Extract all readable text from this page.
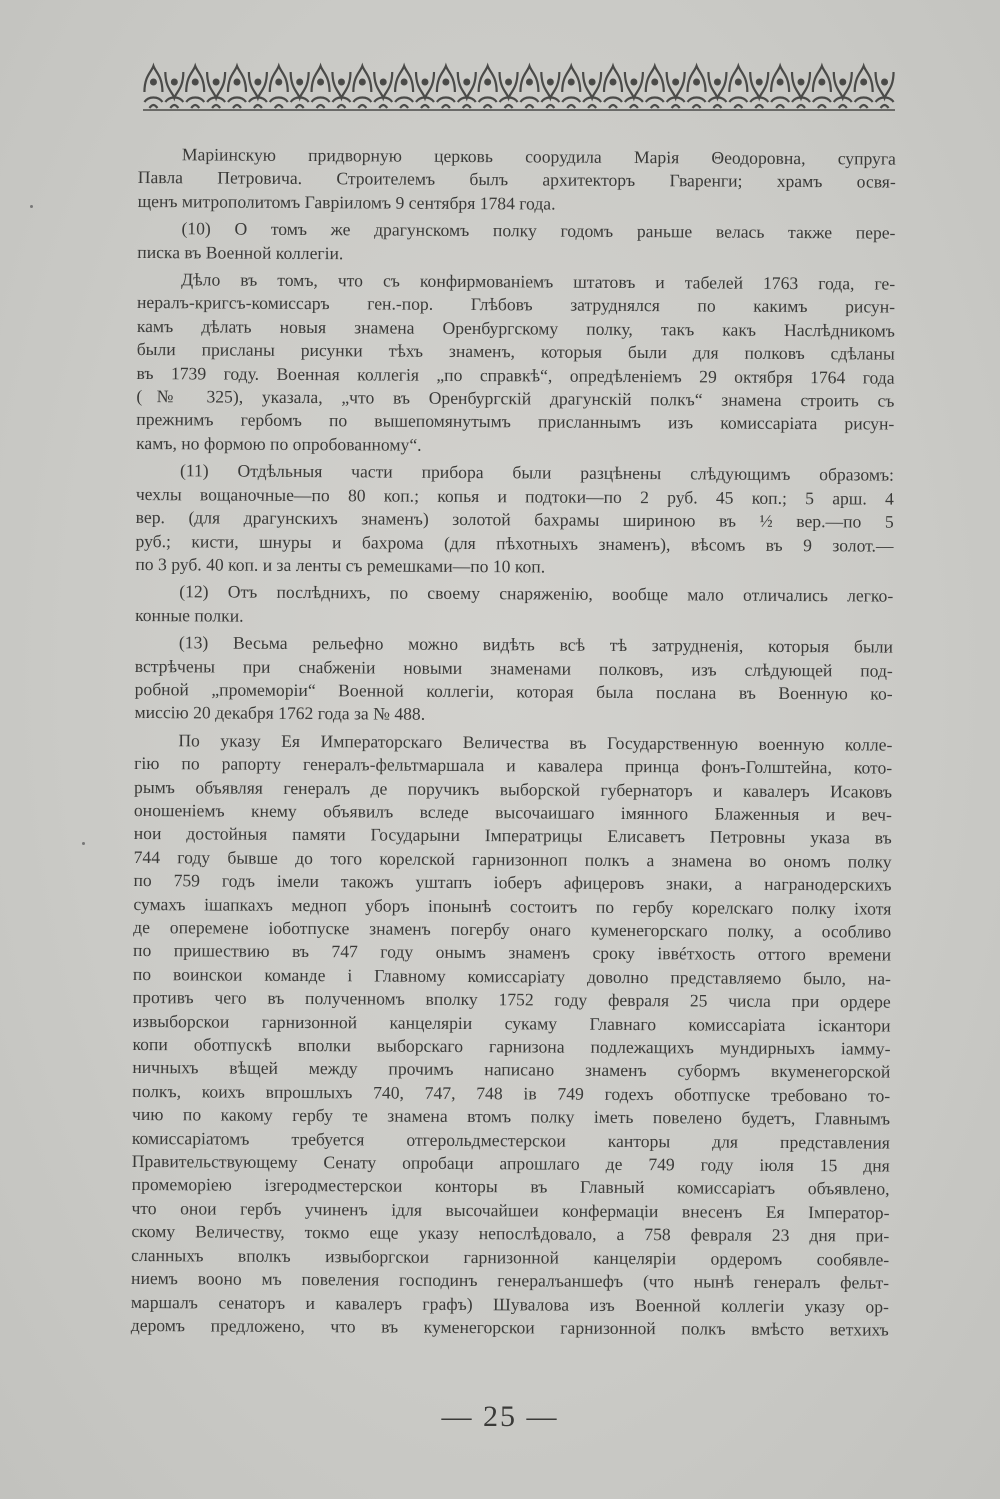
Маріинскую придворную церковь соорудила Марія Θеодоровна, супруга
Павла Петровича. Строителемъ былъ архитекторъ Гваренги; храмъ освя-
щенъ митрополитомъ Гавріиломъ 9 сентября 1784 года.
(10) О томъ же драгунскомъ полку годомъ раньше велась также пере-
писка въ Военной коллегіи.
Дѣло въ томъ, что съ конфирмованіемъ штатовъ и табелей 1763 года, ге-
нералъ-кригсъ-комиссаръ ген.-пор. Глѣбовъ затруднялся по какимъ рисун-
камъ дѣлать новыя знамена Оренбургскому полку, такъ какъ Наслѣдникомъ
были присланы рисунки тѣхъ знаменъ, которыя были для полковъ сдѣланы
въ 1739 году. Военная коллегія „по справкѣ“, опредѣленіемъ 29 октября 1764 года
(№ 325), указала, „что въ Оренбургскій драгунскій полкъ“ знамена строить съ
прежнимъ гербомъ по вышепомянутымъ присланнымъ изъ комиссаріата рисун-
камъ, но формою по опробованному“.
(11) Отдѣльныя части прибора были разцѣнены слѣдующимъ образомъ:
чехлы вощаночные—по 80 коп.; копья и подтоки—по 2 руб. 45 коп.; 5 арш. 4
вер. (для драгунскихъ знаменъ) золотой бахрамы шириною въ ½ вер.—по 5
руб.; кисти, шнуры и бахрома (для пѣхотныхъ знаменъ), вѣсомъ въ 9 золот.—
по 3 руб. 40 коп. и за ленты съ ремешками—по 10 коп.
(12) Отъ послѣднихъ, по своему снаряженію, вообще мало отличались легко-
конные полки.
(13) Весьма рельефно можно видѣть всѣ тѣ затрудненія, которыя были
встрѣчены при снабженіи новыми знаменами полковъ, изъ слѣдующей под-
робной „промеморіи“ Военной коллегіи, которая была послана въ Военную ко-
миссію 20 декабря 1762 года за № 488.
По указу Ея Императорскаго Величества въ Государственную военную колле-
гію по рапорту генералъ-фельтмаршала и кавалера принца фонъ-Голштейна, кото-
рымъ объявляя генералъ де поручикъ выборской губернаторъ и кавалеръ Исаковъ
оношеніемъ кнему объявилъ вследе высочаишаго імянного Блаженныя и веч-
нои достойныя памяти Государыни Імператрицы Елисаветъ Петровны указа въ
744 году бывше до того корелской гарнизонноп полкъ а знамена во ономъ полку
по 759 годъ імели такожъ уштапъ іоберъ афицеровъ знаки, а награнодерскихъ
сумахъ ішапкахъ медноп уборъ іпонынѣ состоитъ по гербу корелскаго полку іхотя
де опеpемене іоботпуске знаменъ погербу онаго куменегорскаго полку, а особливо
по пришествию въ 747 году онымъ знаменъ сроку іввéтхость оттого времени
по воинскои команде і Главному комиссаріату доволно представляемо было, на-
противъ чего въ полученномъ вполку 1752 году февраля 25 числа при ордере
извыборскои гарнизонной канцеляріи сукаму Главнаго комиссаріата іскантори
копи оботпускѣ вполки выборскаго гарнизона подлежащихъ мундирныхъ іамму-
ничныхъ вѣщей между прочимъ написано знаменъ субормъ вкуменегорской
полкъ, коихъ впрошлыхъ 740, 747, 748 ів 749 годехъ оботпуске требовано то-
чию по какому гербу те знамена втомъ полку іметь повелено будетъ, Главнымъ
комиссаріатомъ требуется отгерольдместерскои канторы для представления
Правительствующему Сенату опробаци апрошлаго де 749 году іюля 15 дня
промеморіею ізгеродместерскои конторы въ Главный комиссаріатъ объявлено,
что онои гербъ учиненъ ідля высочайшеи конфермаціи внесенъ Ея Імператор-
скому Величеству, токмо еще указу непослѣдовало, а 758 февраля 23 дня при-
сланныхъ вполкъ извыборгскои гарнизонной канцеляріи ордеромъ сообявле-
ниемъ вооно мъ повеления господинъ генералъаншефъ (что нынѣ генералъ фельт-
маршалъ сенаторъ и кавалеръ графъ) Шувалова изъ Военной коллегіи указу ор-
деромъ предложено, что въ куменегорскои гарнизонной полкъ вмѣсто ветхихъ
— 25 —
